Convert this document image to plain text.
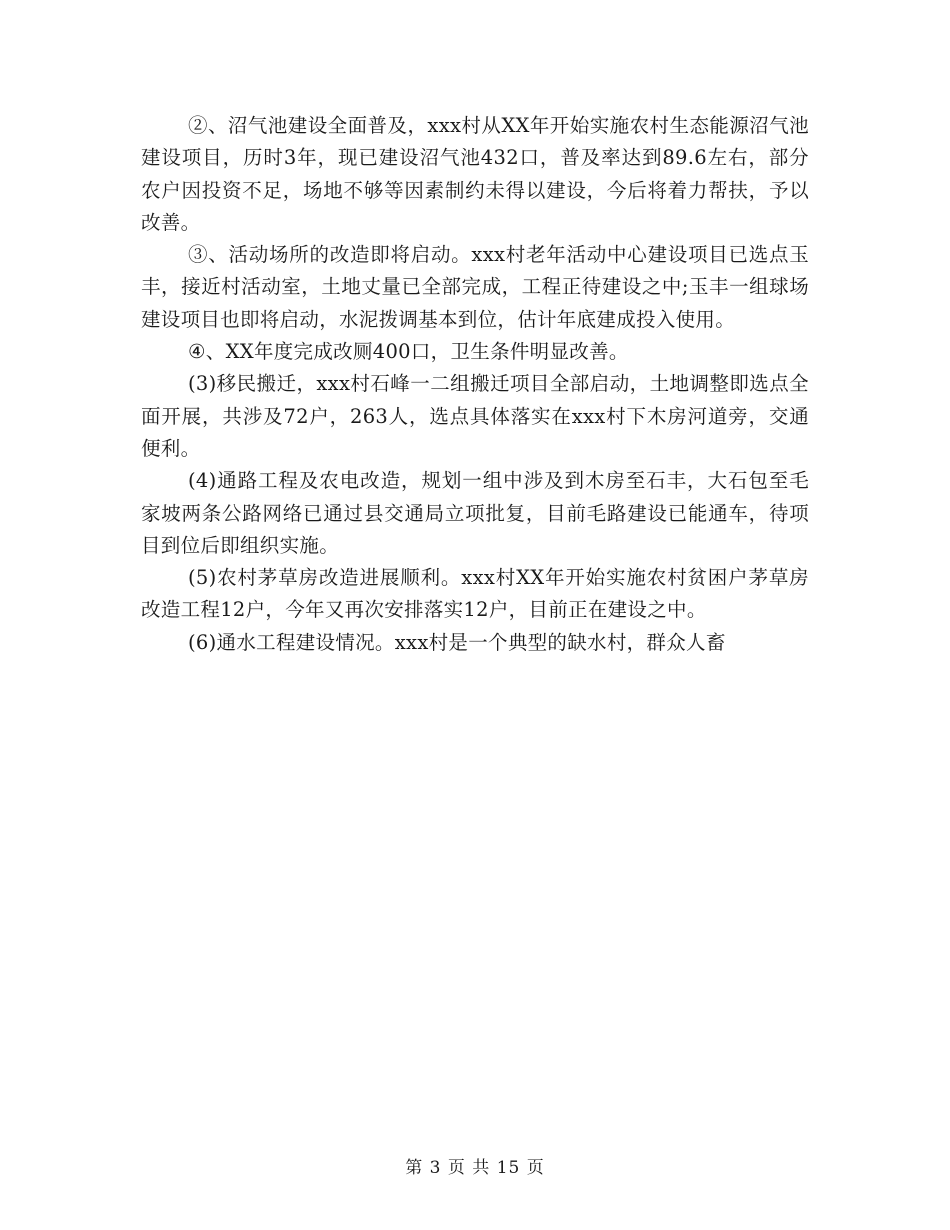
②、沼气池建设全面普及，xxx村从XX年开始实施农村生态能源沼气池建设项目，历时3年，现已建设沼气池432口，普及率达到89.6左右，部分农户因投资不足，场地不够等因素制约未得以建设，今后将着力帮扶，予以改善。

③、活动场所的改造即将启动。xxx村老年活动中心建设项目已选点玉丰，接近村活动室，土地丈量已全部完成，工程正待建设之中;玉丰一组球场建设项目也即将启动，水泥拨调基本到位，估计年底建成投入使用。

④、XX年度完成改厕400口，卫生条件明显改善。

(3)移民搬迁，xxx村石峰一二组搬迁项目全部启动，土地调整即选点全面开展，共涉及72户，263人，选点具体落实在xxx村下木房河道旁，交通便利。

(4)通路工程及农电改造，规划一组中涉及到木房至石丰，大石包至毛家坡两条公路网络已通过县交通局立项批复，目前毛路建设已能通车，待项目到位后即组织实施。

(5)农村茅草房改造进展顺利。xxx村XX年开始实施农村贫困户茅草房改造工程12户，今年又再次安排落实12户，目前正在建设之中。

(6)通水工程建设情况。xxx村是一个典型的缺水村，群众人畜

第 3 页 共 15 页
